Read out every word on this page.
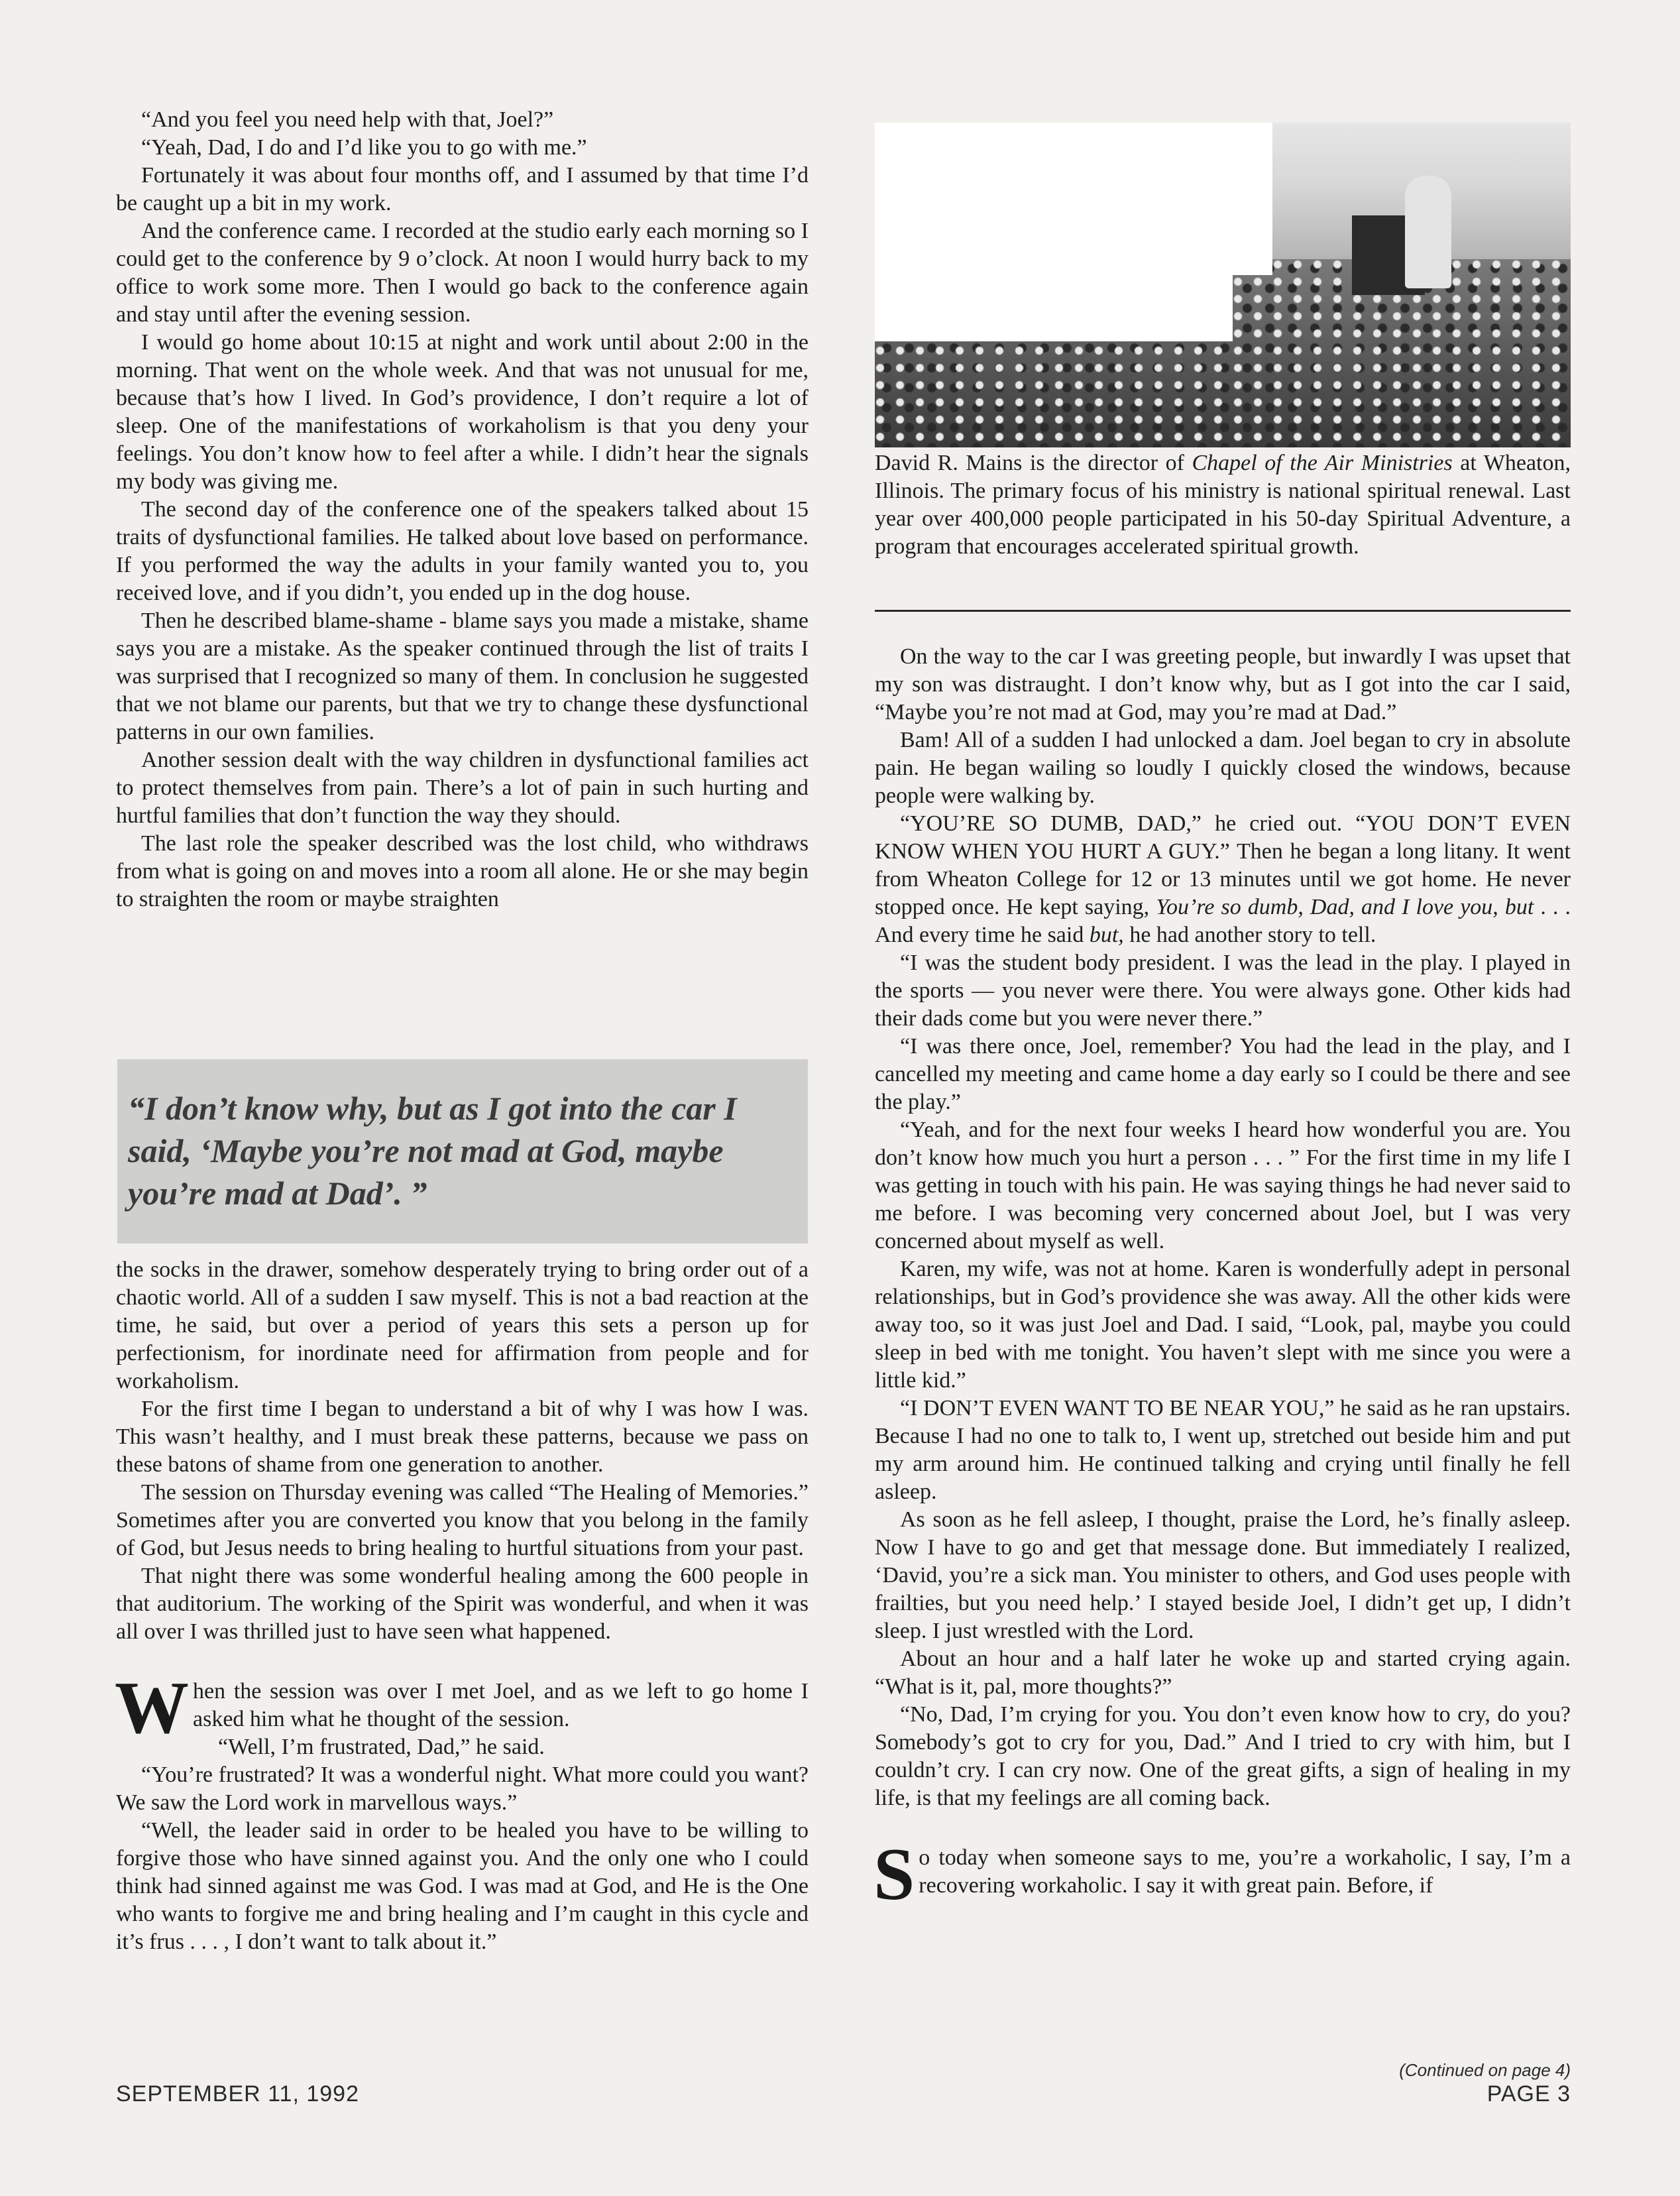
“And you feel you need help with that, Joel?”

“Yeah, Dad, I do and I’d like you to go with me.”

Fortunately it was about four months off, and I assumed by that time I’d be caught up a bit in my work.

And the conference came. I recorded at the studio early each morning so I could get to the conference by 9 o’clock. At noon I would hurry back to my office to work some more. Then I would go back to the conference again and stay until after the evening session.

I would go home about 10:15 at night and work until about 2:00 in the morning. That went on the whole week. And that was not unusual for me, because that’s how I lived. In God’s providence, I don’t require a lot of sleep. One of the manifestations of workaholism is that you deny your feelings. You don’t know how to feel after a while. I didn’t hear the signals my body was giving me.

The second day of the conference one of the speakers talked about 15 traits of dysfunctional families. He talked about love based on performance. If you performed the way the adults in your family wanted you to, you received love, and if you didn’t, you ended up in the dog house.

Then he described blame-shame - blame says you made a mistake, shame says you are a mistake. As the speaker continued through the list of traits I was surprised that I recognized so many of them. In conclusion he suggested that we not blame our parents, but that we try to change these dysfunctional patterns in our own families.

Another session dealt with the way children in dysfunctional families act to protect themselves from pain. There’s a lot of pain in such hurting and hurtful families that don’t function the way they should.

The last role the speaker described was the lost child, who withdraws from what is going on and moves into a room all alone. He or she may begin to straighten the room or maybe straighten

“I don’t know why, but as I got into the car I said, ‘Maybe you’re not mad at God, maybe you’re mad at Dad’. ”

the socks in the drawer, somehow desperately trying to bring order out of a chaotic world. All of a sudden I saw myself. This is not a bad reaction at the time, he said, but over a period of years this sets a person up for perfectionism, for inordinate need for affirmation from people and for workaholism.

For the first time I began to understand a bit of why I was how I was. This wasn’t healthy, and I must break these patterns, because we pass on these batons of shame from one generation to another.

The session on Thursday evening was called “The Healing of Memories.” Sometimes after you are converted you know that you belong in the family of God, but Jesus needs to bring healing to hurtful situations from your past.

That night there was some wonderful healing among the 600 people in that auditorium. The working of the Spirit was wonderful, and when it was all over I was thrilled just to have seen what happened.

When the session was over I met Joel, and as we left to go home I asked him what he thought of the session.

“Well, I’m frustrated, Dad,” he said.

“You’re frustrated? It was a wonderful night. What more could you want? We saw the Lord work in marvellous ways.”

“Well, the leader said in order to be healed you have to be willing to forgive those who have sinned against you. And the only one who I could think had sinned against me was God. I was mad at God, and He is the One who wants to forgive me and bring healing and I’m caught in this cycle and it’s frus . . . , I don’t want to talk about it.”

David R. Mains is the director of Chapel of the Air Ministries at Wheaton, Illinois. The primary focus of his ministry is national spiritual renewal. Last year over 400,000 people participated in his 50-day Spiritual Adventure, a program that encourages accelerated spiritual growth.

On the way to the car I was greeting people, but inwardly I was upset that my son was distraught. I don’t know why, but as I got into the car I said, “Maybe you’re not mad at God, may you’re mad at Dad.”

Bam! All of a sudden I had unlocked a dam. Joel began to cry in absolute pain. He began wailing so loudly I quickly closed the windows, because people were walking by.

“YOU’RE SO DUMB, DAD,” he cried out. “YOU DON’T EVEN KNOW WHEN YOU HURT A GUY.” Then he began a long litany. It went from Wheaton College for 12 or 13 minutes until we got home. He never stopped once. He kept saying, You’re so dumb, Dad, and I love you, but . . . And every time he said but, he had another story to tell.

“I was the student body president. I was the lead in the play. I played in the sports — you never were there. You were always gone. Other kids had their dads come but you were never there.”

“I was there once, Joel, remember? You had the lead in the play, and I cancelled my meeting and came home a day early so I could be there and see the play.”

“Yeah, and for the next four weeks I heard how wonderful you are. You don’t know how much you hurt a person . . . ” For the first time in my life I was getting in touch with his pain. He was saying things he had never said to me before. I was becoming very concerned about Joel, but I was very concerned about myself as well.

Karen, my wife, was not at home. Karen is wonderfully adept in personal relationships, but in God’s providence she was away. All the other kids were away too, so it was just Joel and Dad. I said, “Look, pal, maybe you could sleep in bed with me tonight. You haven’t slept with me since you were a little kid.”

“I DON’T EVEN WANT TO BE NEAR YOU,” he said as he ran upstairs. Because I had no one to talk to, I went up, stretched out beside him and put my arm around him. He continued talking and crying until finally he fell asleep.

As soon as he fell asleep, I thought, praise the Lord, he’s finally asleep. Now I have to go and get that message done. But immediately I realized, ‘David, you’re a sick man. You minister to others, and God uses people with frailties, but you need help.’ I stayed beside Joel, I didn’t get up, I didn’t sleep. I just wrestled with the Lord.

About an hour and a half later he woke up and started crying again. “What is it, pal, more thoughts?”

“No, Dad, I’m crying for you. You don’t even know how to cry, do you? Somebody’s got to cry for you, Dad.” And I tried to cry with him, but I couldn’t cry. I can cry now. One of the great gifts, a sign of healing in my life, is that my feelings are all coming back.

So today when someone says to me, you’re a workaholic, I say, I’m a recovering workaholic. I say it with great pain. Before, if

(Continued on page 4)
SEPTEMBER 11, 1992	PAGE 3
